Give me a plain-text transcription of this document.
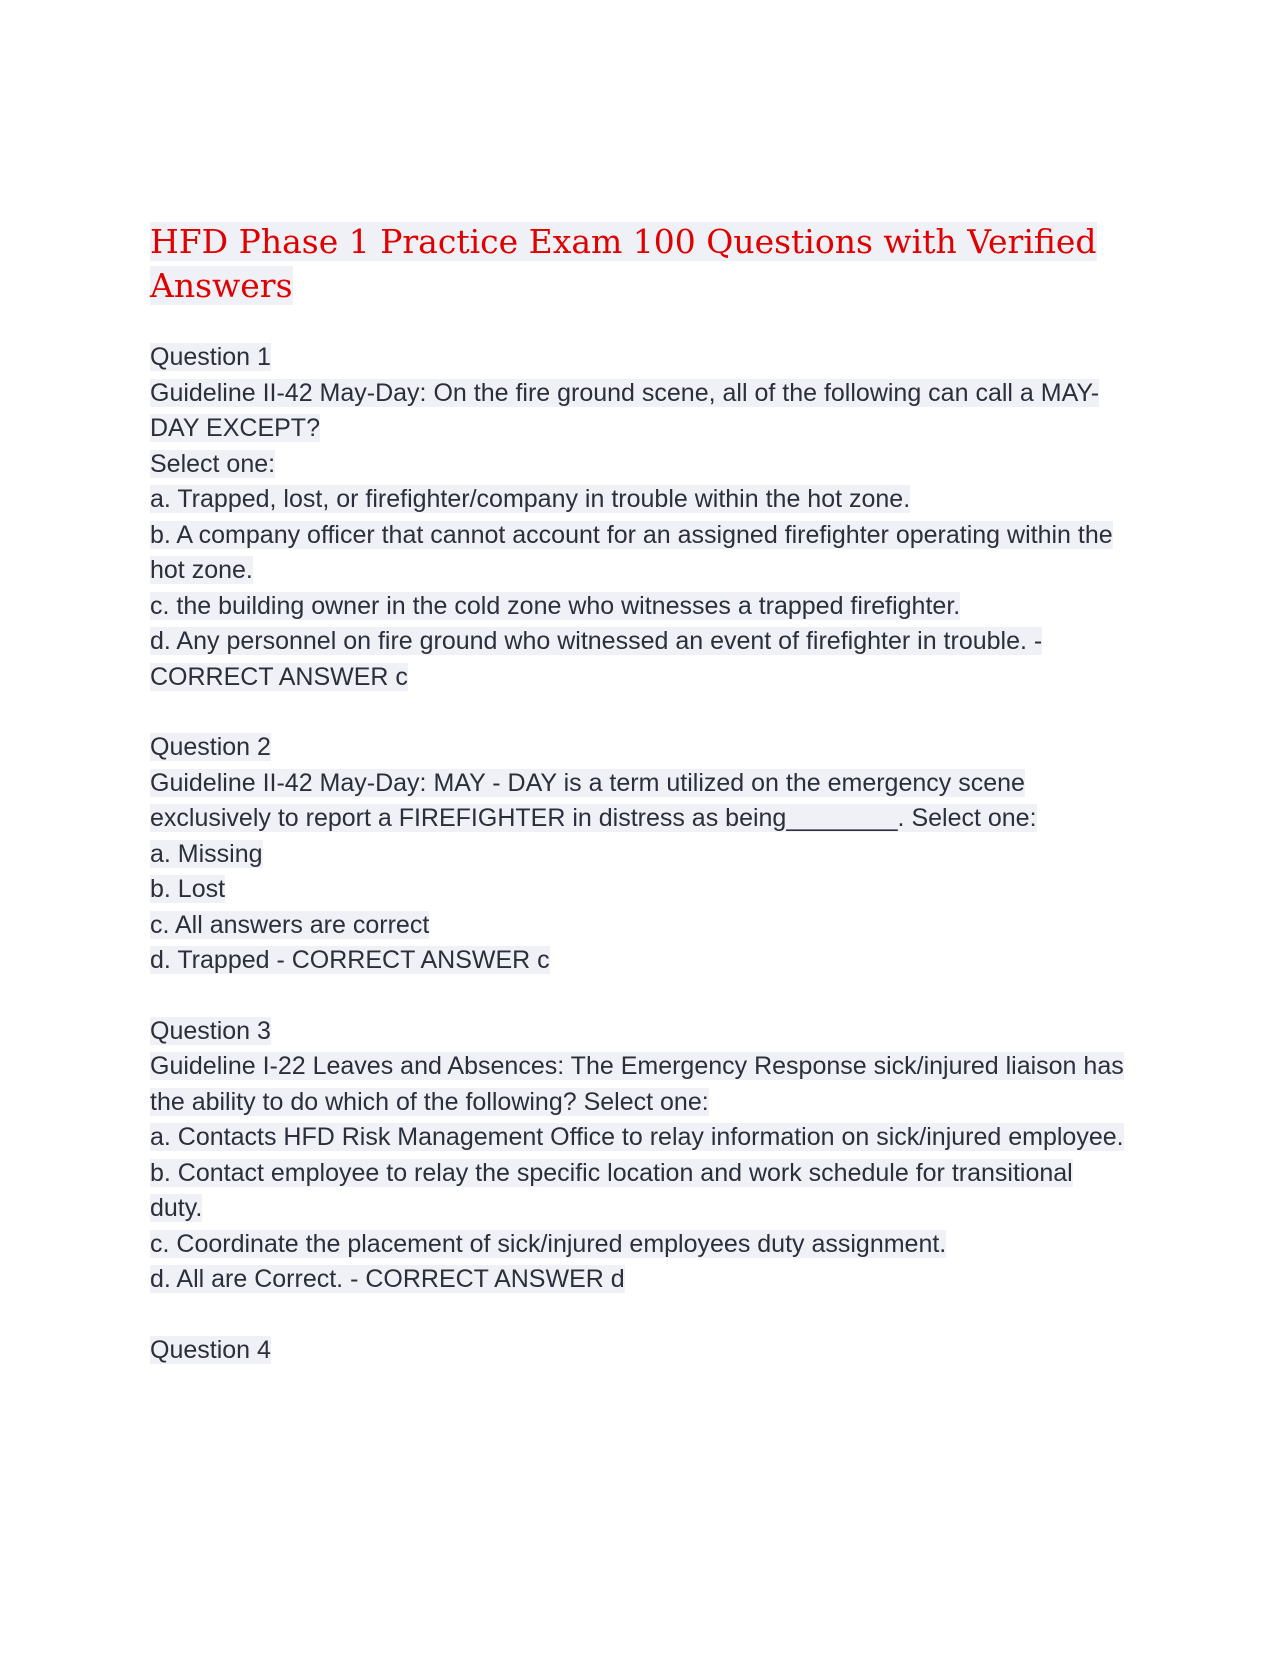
HFD Phase 1 Practice Exam 100 Questions with Verified Answers
Question 1
Guideline II-42 May-Day: On the fire ground scene, all of the following can call a MAY-DAY EXCEPT?
Select one:
a. Trapped, lost, or firefighter/company in trouble within the hot zone.
b. A company officer that cannot account for an assigned firefighter operating within the hot zone.
c. the building owner in the cold zone who witnesses a trapped firefighter.
d. Any personnel on fire ground who witnessed an event of firefighter in trouble. - CORRECT ANSWER c
Question 2
Guideline II-42 May-Day: MAY - DAY is a term utilized on the emergency scene exclusively to report a FIREFIGHTER in distress as being________. Select one:
a. Missing
b. Lost
c. All answers are correct
d. Trapped - CORRECT ANSWER c
Question 3
Guideline I-22 Leaves and Absences: The Emergency Response sick/injured liaison has the ability to do which of the following? Select one:
a. Contacts HFD Risk Management Office to relay information on sick/injured employee.
b. Contact employee to relay the specific location and work schedule for transitional duty.
c. Coordinate the placement of sick/injured employees duty assignment.
d. All are Correct. - CORRECT ANSWER d
Question 4
